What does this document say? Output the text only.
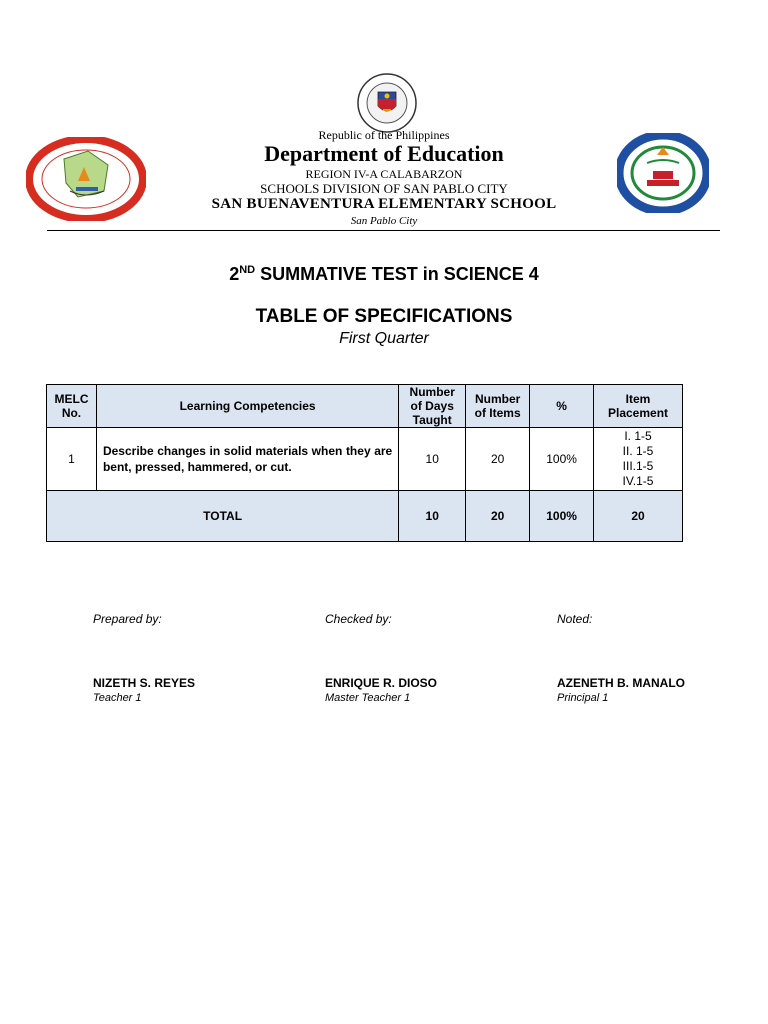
Republic of the Philippines
Department of Education
REGION IV-A CALABARZON
SCHOOLS DIVISION OF SAN PABLO CITY
SAN BUENAVENTURA ELEMENTARY SCHOOL
San Pablo City
2ND SUMMATIVE TEST in SCIENCE 4
TABLE OF SPECIFICATIONS
First Quarter
MELC No.	Learning Competencies	Number of Days Taught	Number of Items	%	Item Placement
1	Describe changes in solid materials when they are bent, pressed, hammered, or cut.	10	20	100%	I. 1-5
II. 1-5
III.1-5
IV.1-5

TOTAL		10	20	100%	20
Prepared by:
NIZETH S. REYES
Teacher 1
Checked by:
ENRIQUE R. DIOSO
Master Teacher 1
Noted:
AZENETH B. MANALO
Principal 1
